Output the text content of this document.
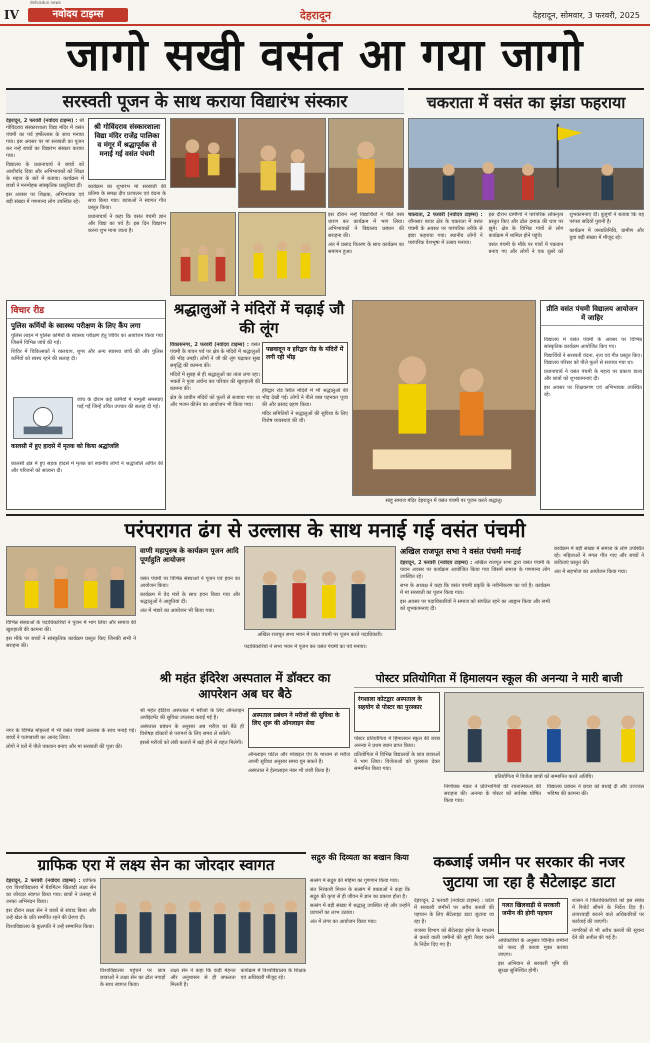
dehradun news
IV	नवोदय टाइम्स	देहरादून	देहरादून, सोमवार, 3 फरवरी, 2025
जागो सखी वसंत आ गया जागो
सरस्वती पूजन के साथ कराया विद्यारंभ संस्कार	चकराता में वसंत का झंडा फहराया

देहरादून, 2 फरवरी (नवोदय टाइम्स) : श्री गोविंदराव संस्कारशाला विद्या मंदिर में वसंत पंचमी का पर्व हर्षोल्लास के साथ मनाया गया। इस अवसर पर मां सरस्वती का पूजन कर नन्हे बच्चों का विद्यारंभ संस्कार कराया गया।

विद्यालय के प्रधानाचार्य ने बच्चों को आशीर्वाद दिया और अभिभावकों को शिक्षा के महत्व के बारे में बताया। कार्यक्रम में छात्रों ने मनमोहक सांस्कृतिक प्रस्तुतियां दीं।

इस अवसर पर शिक्षक, अभिभावक एवं बड़ी संख्या में गणमान्य लोग उपस्थित रहे।

श्री गोविंदराव संस्कारशाला विद्या मंदिर राजेंद्र पालिका व मंगूर में श्रद्धापूर्वक से मनाई गई वसंत पंचमी

कार्यक्रम का शुभारंभ मां सरस्वती की प्रतिमा के समक्ष दीप प्रज्वलन एवं वंदना के साथ किया गया। छात्राओं ने स्वागत गीत प्रस्तुत किया।

प्रधानाचार्य ने कहा कि वसंत पंचमी ज्ञान और विद्या का पर्व है। इस दिन विद्यारंभ करना शुभ माना जाता है।

इस दौरान नन्हे विद्यार्थियों ने पीले वस्त्र धारण कर कार्यक्रम में भाग लिया। अभिभावकों ने विद्यालय प्रबंधन की सराहना की।

अंत में प्रसाद वितरण के साथ कार्यक्रम का समापन हुआ।

चकराता, 2 फरवरी (नवोदय टाइम्स) : जौनसार बावर क्षेत्र के चकराता में वसंत पंचमी के अवसर पर पारंपरिक तरीके से झंडा फहराया गया। स्थानीय लोगों ने पारंपरिक वेशभूषा में उत्सव मनाया।

इस दौरान ग्रामीणों ने पारंपरिक लोकनृत्य प्रस्तुत किए और ढोल दमाऊ की थाप पर झूमे। क्षेत्र के विभिन्न गांवों से लोग कार्यक्रम में शामिल होने पहुंचे।

वसंत पंचमी के मौके पर गांवों में पकवान बनाए गए और लोगों ने एक दूसरे को शुभकामनाएं दीं। बुजुर्गों ने बताया कि यह परंपरा सदियों पुरानी है।

कार्यक्रम में जनप्रतिनिधि, ग्रामीण और युवा बड़ी संख्या में मौजूद रहे।

विचार रीड
पुलिस कर्मियों के स्वास्थ्य परीक्षण के लिए कैंप लगा

पुलिस लाइन में पुलिस कर्मियों के स्वास्थ्य परीक्षण हेतु शिविर का आयोजन किया गया जिसमें विभिन्न जांचें की गईं।

शिविर में चिकित्सकों ने रक्तचाप, शुगर और अन्य स्वास्थ्य जांचें कीं और पुलिस कर्मियों को स्वस्थ रहने की सलाह दी।

जांच के दौरान कई कर्मियों में मामूली समस्याएं पाई गईं जिन्हें उचित उपचार की सलाह दी गई।

कालसी में हुए हादसे में मृतक को किया श्रद्धांजलि

कालसी क्षेत्र में हुए सड़क हादसे में मृतक को स्थानीय लोगों ने श्रद्धांजलि अर्पित की और परिजनों को सांत्वना दी।

श्रद्धालुओं ने मंदिरों में चढ़ाई जौ की लूंग

विकासनगर, 2 फरवरी (नवोदय टाइम्स) : वसंत पंचमी के पावन पर्व पर क्षेत्र के मंदिरों में श्रद्धालुओं की भीड़ उमड़ी। लोगों ने जौ की लूंग चढ़ाकर सुख समृद्धि की कामना की।

मंदिरों में सुबह से ही श्रद्धालुओं का तांता लगा रहा। भक्तों ने पूजा अर्चना कर परिवार की खुशहाली की कामना की।

क्षेत्र के प्राचीन मंदिरों को फूलों से सजाया गया था और भजन कीर्तन का आयोजन भी किया गया।

पछवादून व हरिद्वार रोड़ के मंदिरों में लगी रही भीड़

हरिद्वार रोड स्थित मंदिरों में भी श्रद्धालुओं की भीड़ देखी गई। लोगों ने पीले वस्त्र पहनकर पूजा की और प्रसाद ग्रहण किया।

मंदिर समितियों ने श्रद्धालुओं की सुविधा के लिए विशेष व्यवस्थाएं की थीं।

साहू समाज मंदिर देहरादून में वसंत पंचमी पर पूजन करते श्रद्धालु।
प्रीति वसंत पंचमी विद्यालय आयोजन में जाहिर

विद्यालय में वसंत पंचमी के अवसर पर विभिन्न सांस्कृतिक कार्यक्रम आयोजित किए गए।

विद्यार्थियों ने सरस्वती वंदना, नृत्य एवं गीत प्रस्तुत किए। विद्यालय परिसर को पीले फूलों से सजाया गया था।

प्रधानाचार्य ने वसंत पंचमी के महत्व पर प्रकाश डाला और छात्रों को शुभकामनाएं दीं।

इस अवसर पर शिक्षकगण एवं अभिभावक उपस्थित रहे।

परंपरागत ढंग से उल्लास के साथ मनाई गई वसंत पंचमी
वाणी महापुरुष के कार्यक्रम पूजन आदि पूर्णाहुति आयोजन

वसंत पंचमी पर विभिन्न संस्थाओं ने पूजन एवं हवन का आयोजन किया।

कार्यक्रम में वेद मंत्रों के साथ हवन किया गया और श्रद्धालुओं ने आहुतियां दीं।

अंत में भंडारे का आयोजन भी किया गया।

विभिन्न संस्थाओं के पदाधिकारियों ने पूजन में भाग लिया और समाज की खुशहाली की कामना की।

इस मौके पर बच्चों ने सांस्कृतिक कार्यक्रम प्रस्तुत किए जिनकी सभी ने सराहना की।

अखिल राजपूत सभा भवन में वसंत पंचमी पर पूजन करते पदाधिकारी।
अखिल राजपूत सभा ने वसंत पंचमी मनाई

देहरादून, 2 फरवरी (नवोदय टाइम्स) : अखिल राजपूत सभा द्वारा वसंत पंचमी के पावन अवसर पर कार्यक्रम आयोजित किया गया जिसमें समाज के गणमान्य लोग उपस्थित रहे।

सभा के अध्यक्ष ने कहा कि वसंत पंचमी प्रकृति के नवीनीकरण का पर्व है। कार्यक्रम में मां सरस्वती का पूजन किया गया।

इस अवसर पर पदाधिकारियों ने समाज को संगठित रहने का आह्वान किया और सभी को शुभकामनाएं दीं।

कार्यक्रम में बड़ी संख्या में समाज के लोग उपस्थित रहे। महिलाओं ने मंगल गीत गाए और बच्चों ने कविताएं प्रस्तुत कीं।

अंत में सहभोज का आयोजन किया गया।

पदाधिकारियों ने सभा भवन में पूजन कर वसंत पंचमी का पर्व मनाया।

श्री महंत इंदिरेश अस्पताल में डॉक्टर का आपरेशन अब घर बैठे

श्री महंत इंदिरेश अस्पताल में मरीजों के लिए ऑनलाइन अपॉइंटमेंट की सुविधा उपलब्ध कराई गई है।

अस्पताल प्रबंधन के अनुसार अब मरीज घर बैठे ही विशेषज्ञ डॉक्टरों से परामर्श के लिए समय ले सकेंगे।

इससे मरीजों को लंबी कतारों में खड़े होने से राहत मिलेगी।

अस्पताल प्रबंधन ने मरीजों की सुविधा के लिए शुरू की ऑनलाइन सेवा

ऑनलाइन पोर्टल और मोबाइल ऐप के माध्यम से मरीज अपनी सुविधा अनुसार समय चुन सकते हैं।

अस्पताल ने हेल्पलाइन नंबर भी जारी किया है।

नगर के विभिन्न मोहल्लों में भी वसंत पंचमी उल्लास के साथ मनाई गई। बच्चों ने पतंगबाजी का आनंद लिया।

लोगों ने घरों में पीले पकवान बनाए और मां सरस्वती की पूजा की।

पोस्टर प्रतियोगिता में हिमालयन स्कूल की अनन्या ने मारी बाजी
रंगशाला कोटद्वार अस्पताल के सहयोग से पोस्टर का पुरस्कार
प्रतियोगिता में विजेता छात्रों को सम्मानित करते अतिथि।

पोस्टर प्रतियोगिता में हिमालयन स्कूल की छात्रा अनन्या ने प्रथम स्थान प्राप्त किया।

प्रतियोगिता में विभिन्न विद्यालयों के छात्र छात्राओं ने भाग लिया। विजेताओं को पुरस्कार देकर सम्मानित किया गया।

निर्णायक मंडल ने प्रतिभागियों की रचनात्मकता की सराहना की। अनन्या के पोस्टर को सर्वश्रेष्ठ घोषित किया गया।

विद्यालय प्रबंधन ने छात्रा को बधाई दी और उज्ज्वल भविष्य की कामना की।

ग्राफिक एरा में लक्ष्य सेन का जोरदार स्वागत

देहरादून, 2 फरवरी (नवोदय टाइम्स) : ग्राफिक एरा विश्वविद्यालय में बैडमिंटन खिलाड़ी लक्ष्य सेन का जोरदार स्वागत किया गया। छात्रों ने उत्साह से उनका अभिनंदन किया।

इस दौरान लक्ष्य सेन ने छात्रों से संवाद किया और उन्हें खेल के प्रति समर्पित रहने की प्रेरणा दी।

विश्वविद्यालय के कुलपति ने उन्हें सम्मानित किया।

विश्वविद्यालय पहुंचने पर छात्र छात्राओं ने लक्ष्य सेन का ढोल नगाड़ों के साथ स्वागत किया।

लक्ष्य सेन ने कहा कि कड़ी मेहनत और अनुशासन से ही सफलता मिलती है।

कार्यक्रम में विश्वविद्यालय के शिक्षक एवं अधिकारी मौजूद रहे।

सद्गुरु की दिव्यता का बखान किया

सत्संग में सद्गुरु की महिमा का गुणगान किया गया।

संत निरंकारी मिशन के सत्संग में वक्ताओं ने कहा कि सद्गुरु की कृपा से ही जीवन में ज्ञान का प्रकाश होता है।

सत्संग में बड़ी संख्या में श्रद्धालु उपस्थित रहे और उन्होंने प्रवचनों का लाभ उठाया।

अंत में लंगर का आयोजन किया गया।

कब्जाई जमीन पर सरकार की नजर जुटाया जा रहा है सैटेलाइट डाटा

देहरादून, 2 फरवरी (नवोदय टाइम्स) : प्रदेश में सरकारी जमीनों पर अवैध कब्जों की पहचान के लिए सैटेलाइट डाटा जुटाया जा रहा है।

राजस्व विभाग को सैटेलाइट इमेज के माध्यम से कब्जे वाली जमीनों की सूची तैयार करने के निर्देश दिए गए हैं।

गलत खिलवाड़ी से सरकारी जमीन की होगी पहचान

अधिकारियों के अनुसार चिन्हित जमीनों को जल्द ही कब्जा मुक्त कराया जाएगा।

इस अभियान से सरकारी भूमि की सुरक्षा सुनिश्चित होगी।

शासन ने जिलाधिकारियों को इस संबंध में रिपोर्ट सौंपने के निर्देश दिए हैं। लापरवाही बरतने वाले अधिकारियों पर कार्रवाई की जाएगी।

नागरिकों से भी अवैध कब्जों की सूचना देने की अपील की गई है।
